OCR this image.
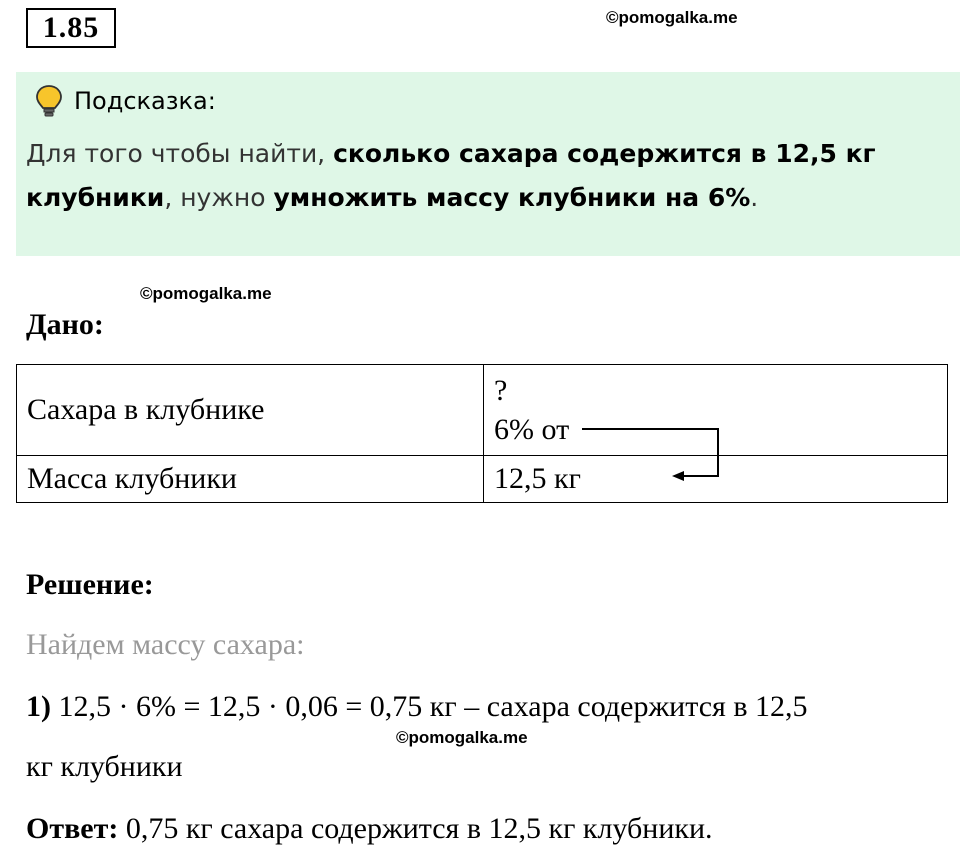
1.85	©pomogalka.me
Подсказка:
Для того чтобы найти, сколько сахара содержится в 12,5 кг клубники, нужно умножить массу клубники на 6%.
©pomogalka.me
Дано:
Сахара в клубнике	?
6% от

Масса клубники	12,5 кг
Решение:
Найдем массу сахара:
1) 12,5 · 6% = 12,5 · 0,06 = 0,75 кг – сахара содержится в 12,5
©pomogalka.me
кг клубники
Ответ: 0,75 кг сахара содержится в 12,5 кг клубники.
